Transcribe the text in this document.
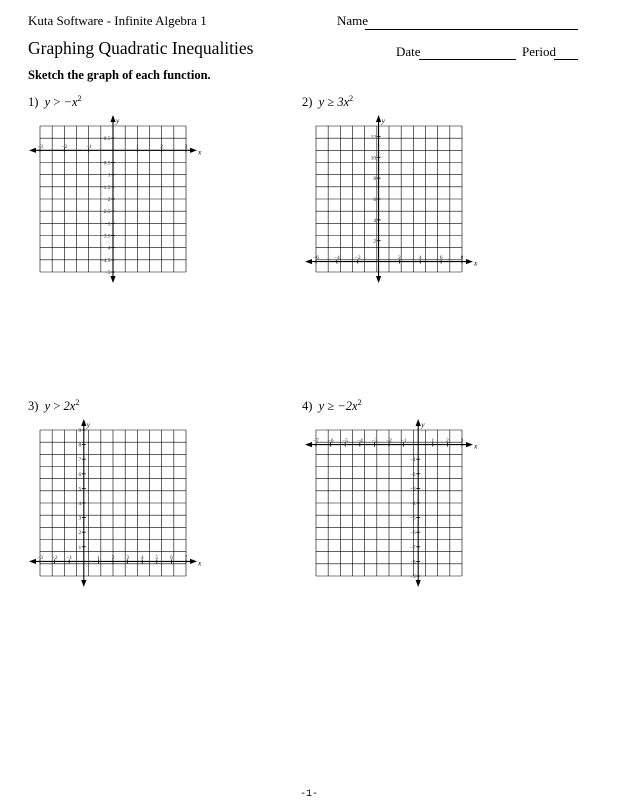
Kuta Software - Infinite Algebra 1	Name
Graphing Quadratic Inequalities	Date	Period
Sketch the graph of each function.
1) $y > -x^2$	2) $y \ge 3x^2$
3) $y > 2x^2$	4) $y \ge -2x^2$
x
y
−3	−2	−1	1	2	3
0.5
−0.5
−1
−1.5
−2
−2.5
−3
−3.5
−4
−4.5
−5
x
y
−6	−4	−2	2	4	6	8
12
10
8
6
4
2
x
y
−3 −2 −1	1 2 3 4 5 6 7
9
8
7
6
5
4
3
2
1
x
y
−7 −6 −5 −4 −3 −2 −1	1 2 3
−1
−2
−3
−4
−5
−6
−7
−8
−9
-1-
